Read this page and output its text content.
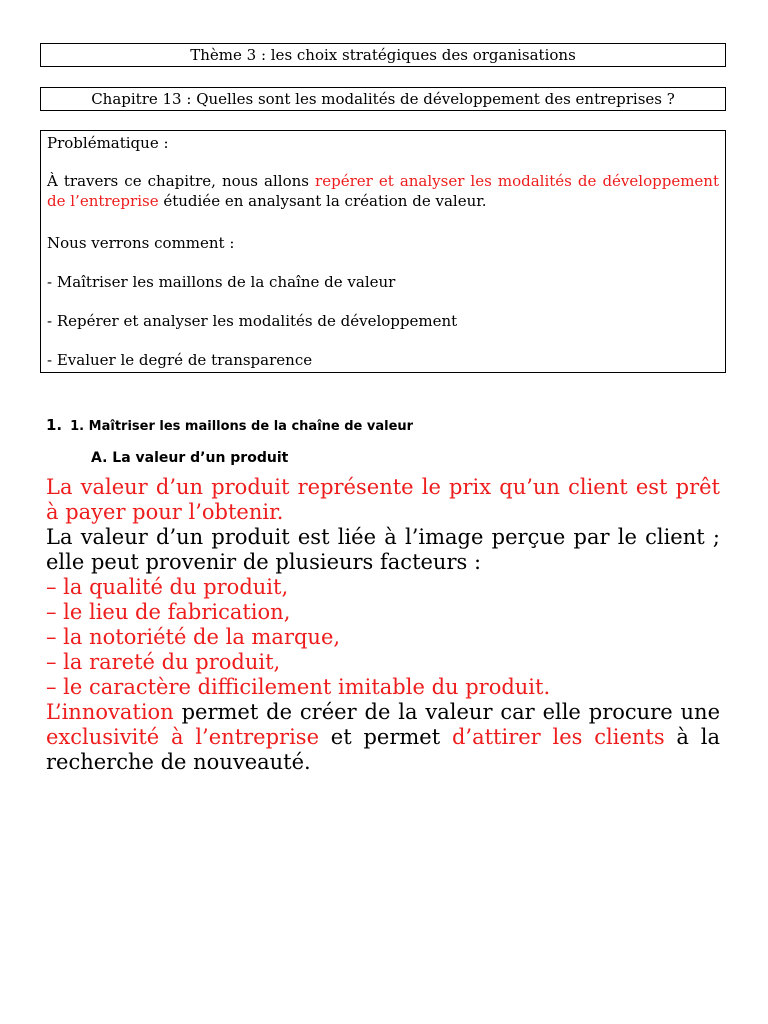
Thème 3 : les choix stratégiques des organisations
Chapitre 13 : Quelles sont les modalités de développement des entreprises ?

Problématique :

À travers ce chapitre, nous allons repérer et analyser les modalités de développement de l’entreprise étudiée en analysant la création de valeur.

Nous verrons comment :

- Maîtriser les maillons de la chaîne de valeur

- Repérer et analyser les modalités de développement

- Evaluer le degré de transparence

1. 1. Maîtriser les maillons de la chaîne de valeur
A. La valeur d’un produit

La valeur d’un produit représente le prix qu’un client est prêt à payer pour l’obtenir.

La valeur d’un produit est liée à l’image perçue par le client ; elle peut provenir de plusieurs facteurs :

– la qualité du produit,

– le lieu de fabrication,

– la notoriété de la marque,

– la rareté du produit,

– le caractère difficilement imitable du produit.

L’innovation permet de créer de la valeur car elle procure une exclusivité à l’entreprise et permet d’attirer les clients à la recherche de nouveauté.
